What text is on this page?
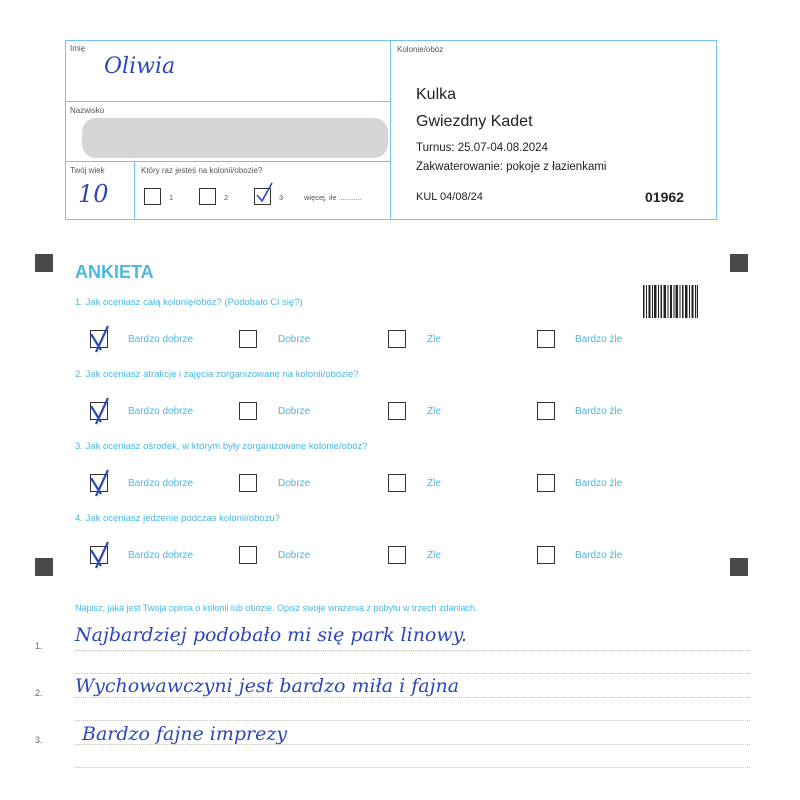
Imię
Oliwia
Nazwisko
Twój wiek
10
Który raz jesteś na kolonii/obozie?
1	2	3	więcej, ile ...........
Kolonie/obóz
Kulka
Gwiezdny Kadet
Turnus: 25.07-04.08.2024
Zakwaterowanie: pokoje z łazienkami
KUL 04/08/24	01962
ANKIETA
1. Jak oceniasz całą kolonię/obóz? (Podobało Ci się?)
Bardzo dobrze	Dobrze	Źle	Bardzo źle
2. Jak oceniasz atrakcje i zajęcia zorganizowane na kolonii/obozie?
Bardzo dobrze	Dobrze	Źle	Bardzo źle
3. Jak oceniasz ośrodek, w którym były zorganizowane kolonie/obóz?
Bardzo dobrze	Dobrze	Źle	Bardzo źle
4. Jak oceniasz jedzenie podczas kolonii/obozu?
Bardzo dobrze	Dobrze	Źle	Bardzo źle
Napisz, jaka jest Twoja opinia o kolonii lub obozie. Opisz swoje wrażenia z pobytu w trzech zdaniach.
1. Najbardziej podobało mi się park linowy.
2. Wychowawczyni jest bardzo miła i fajna
3. Bardzo fajne imprezy
